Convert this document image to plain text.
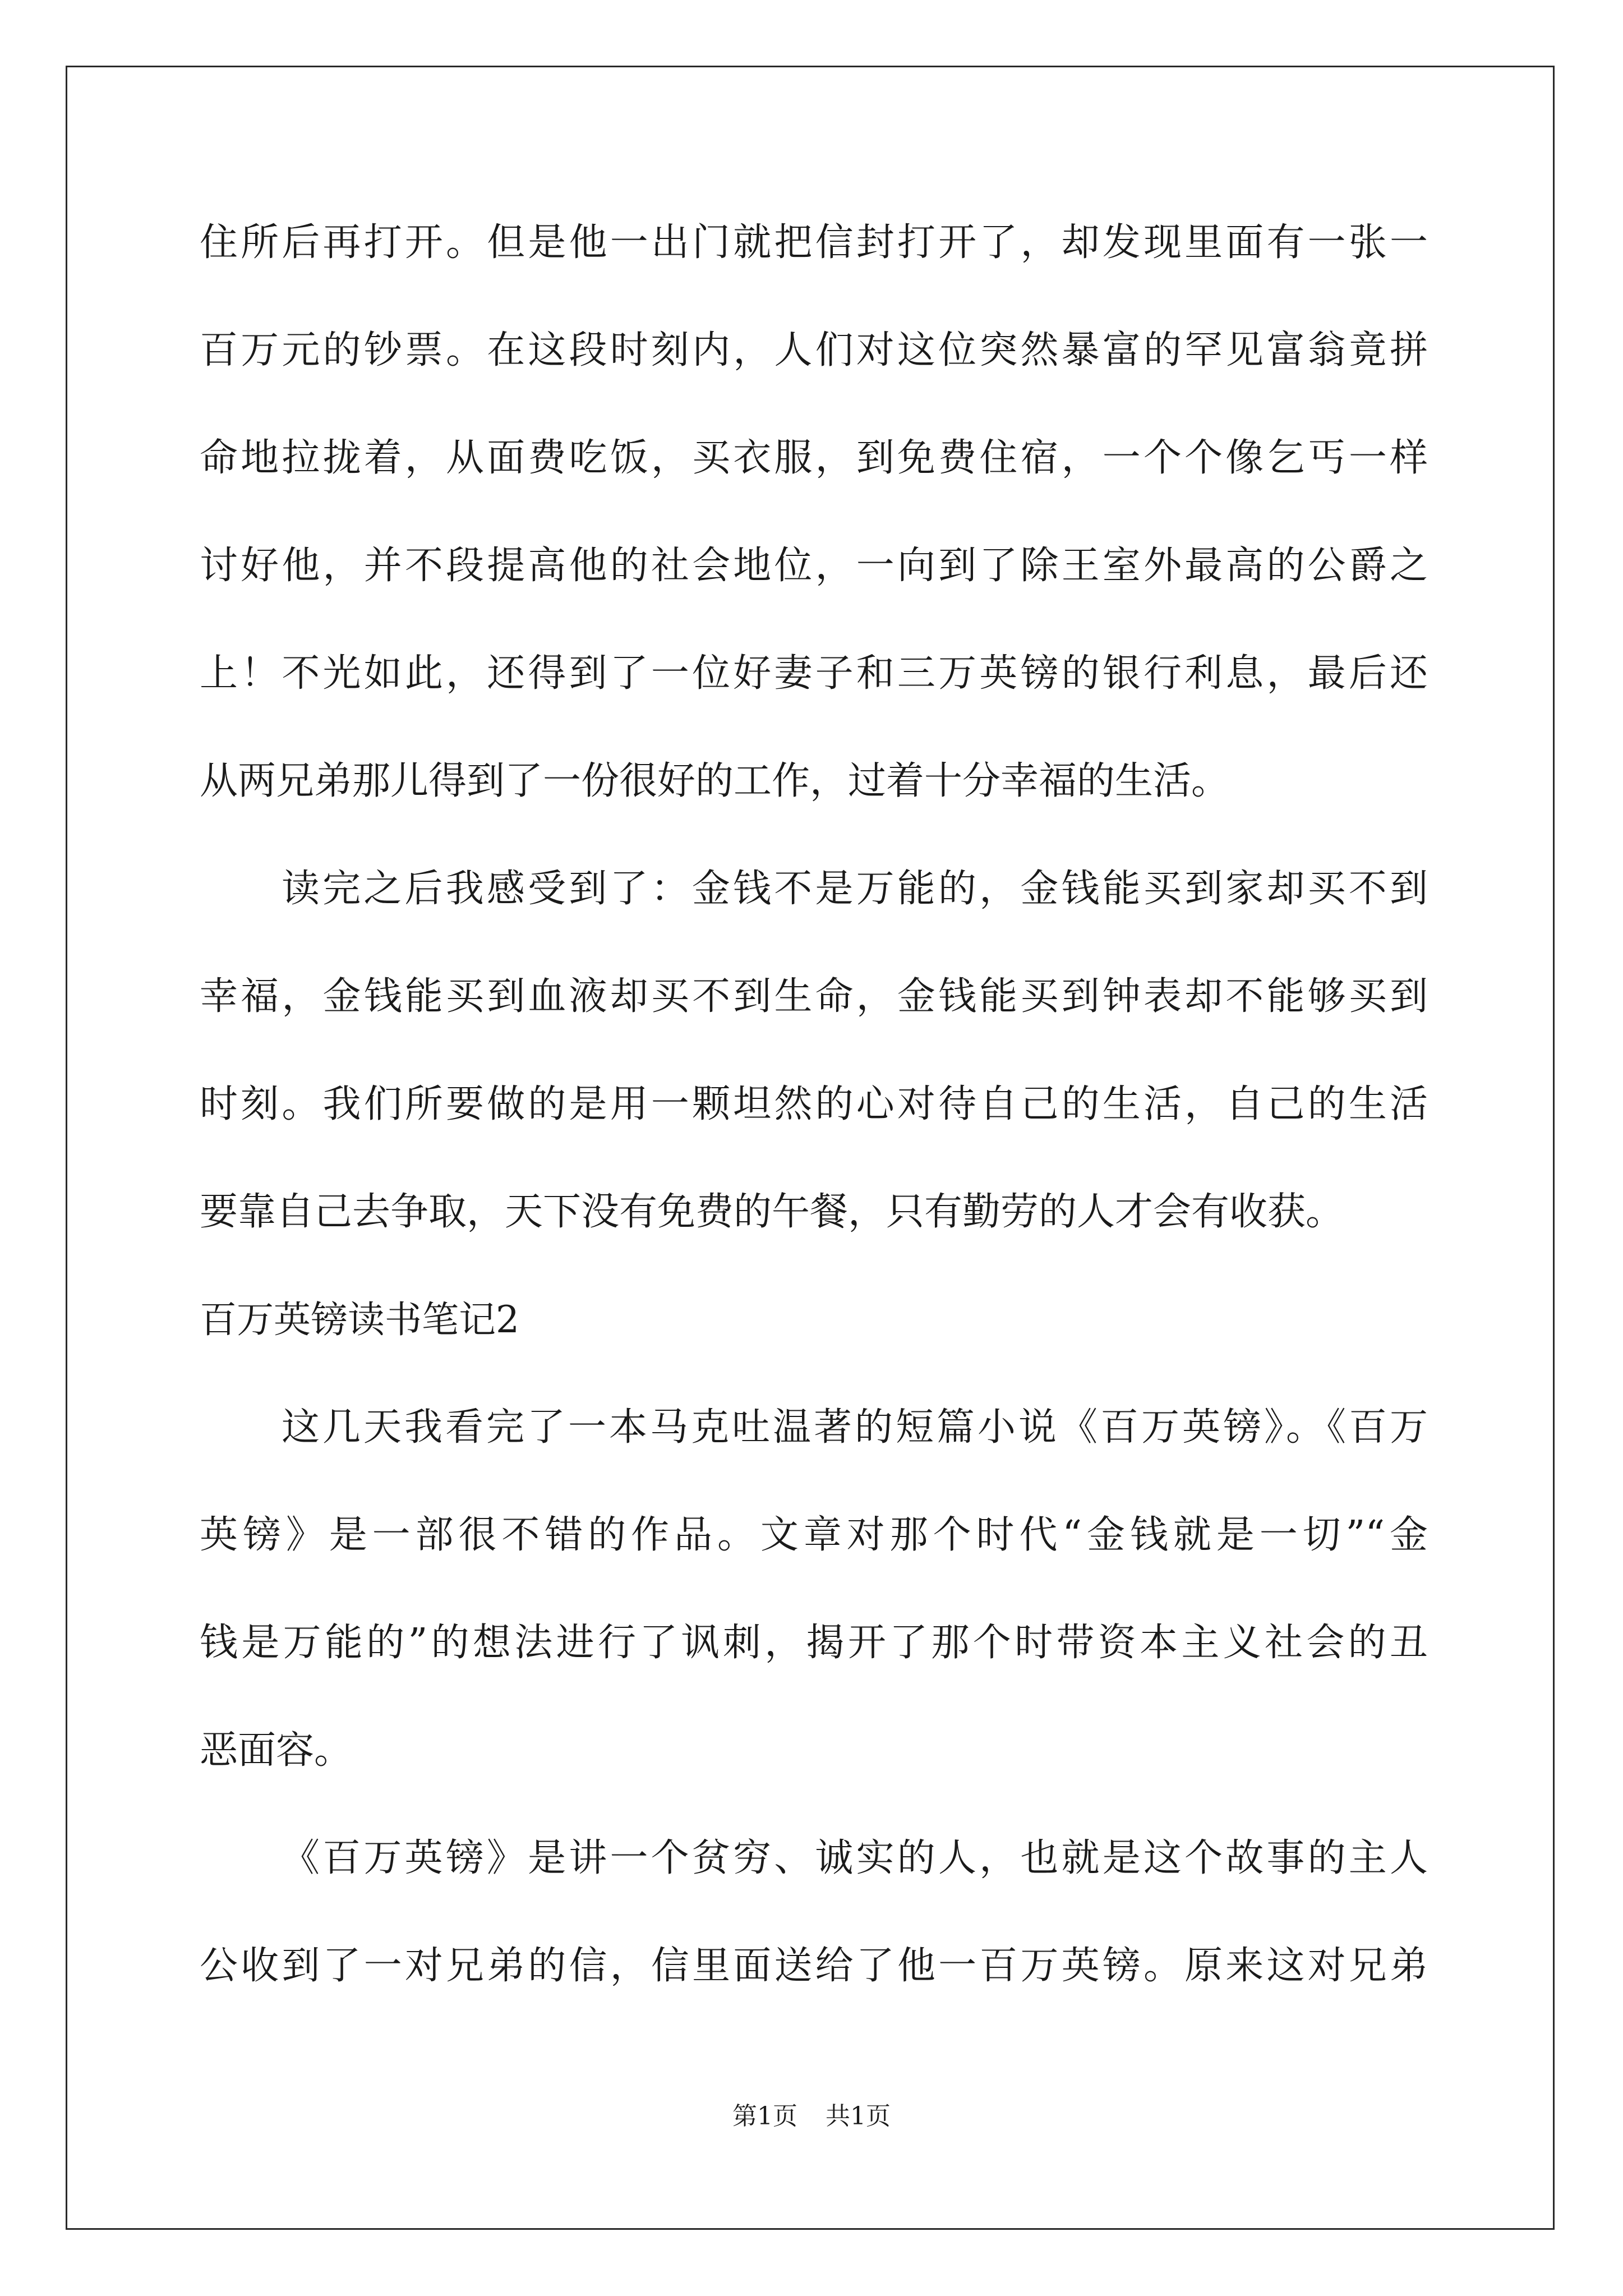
住所后再打开。但是他一出门就把信封打开了，却发现里面有一张一
百万元的钞票。在这段时刻内，人们对这位突然暴富的罕见富翁竟拼
命地拉拢着，从面费吃饭，买衣服，到免费住宿，一个个像乞丐一样
讨好他，并不段提高他的社会地位，一向到了除王室外最高的公爵之
上！不光如此，还得到了一位好妻子和三万英镑的银行利息，最后还
从两兄弟那儿得到了一份很好的工作，过着十分幸福的生活。
读完之后我感受到了：金钱不是万能的，金钱能买到家却买不到
幸福，金钱能买到血液却买不到生命，金钱能买到钟表却不能够买到
时刻。我们所要做的是用一颗坦然的心对待自己的生活，自己的生活
要靠自己去争取，天下没有免费的午餐，只有勤劳的人才会有收获。
百万英镑读书笔记2
这几天我看完了一本马克吐温著的短篇小说《百万英镑》。《百万
英镑》是一部很不错的作品。文章对那个时代“金钱就是一切”“金
钱是万能的”的想法进行了讽刺，揭开了那个时带资本主义社会的丑
恶面容。
《百万英镑》是讲一个贫穷、诚实的人，也就是这个故事的主人
公收到了一对兄弟的信，信里面送给了他一百万英镑。原来这对兄弟
第1页 共1页
